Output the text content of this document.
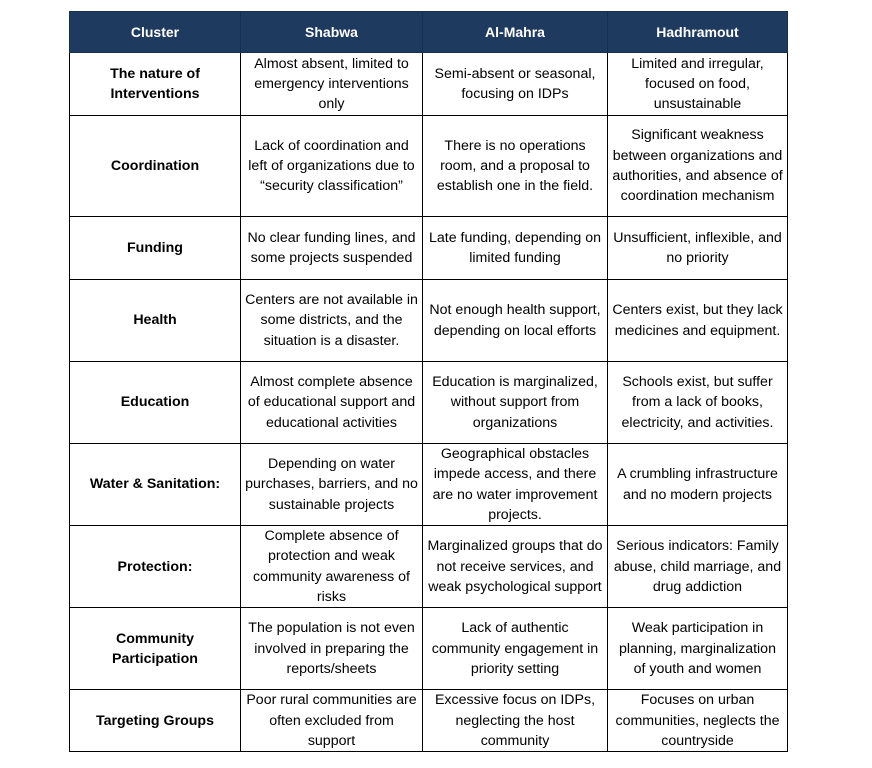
Cluster	Shabwa	Al-Mahra	Hadhramout
The nature of Interventions	Almost absent, limited to emergency interventions only	Semi-absent or seasonal, focusing on IDPs	Limited and irregular, focused on food, unsustainable
Coordination	Lack of coordination and left of organizations due to “security classification”	There is no operations room, and a proposal to establish one in the field.	Significant weakness between organizations and authorities, and absence of coordination mechanism
Funding	No clear funding lines, and some projects suspended	Late funding, depending on limited funding	Unsufficient, inflexible, and no priority
Health	Centers are not available in some districts, and the situation is a disaster.	Not enough health support, depending on local efforts	Centers exist, but they lack medicines and equipment.
Education	Almost complete absence of educational support and educational activities	Education is marginalized, without support from organizations	Schools exist, but suffer from a lack of books, electricity, and activities.
Water & Sanitation:	Depending on water purchases, barriers, and no sustainable projects	Geographical obstacles impede access, and there are no water improvement projects.	A crumbling infrastructure and no modern projects
Protection:	Complete absence of protection and weak community awareness of risks	Marginalized groups that do not receive services, and weak psychological support	Serious indicators: Family abuse, child marriage, and drug addiction
Community Participation	The population is not even involved in preparing the reports/sheets	Lack of authentic community engagement in priority setting	Weak participation in planning, marginalization of youth and women
Targeting Groups	Poor rural communities are often excluded from support	Excessive focus on IDPs, neglecting the host community	Focuses on urban communities, neglects the countryside
